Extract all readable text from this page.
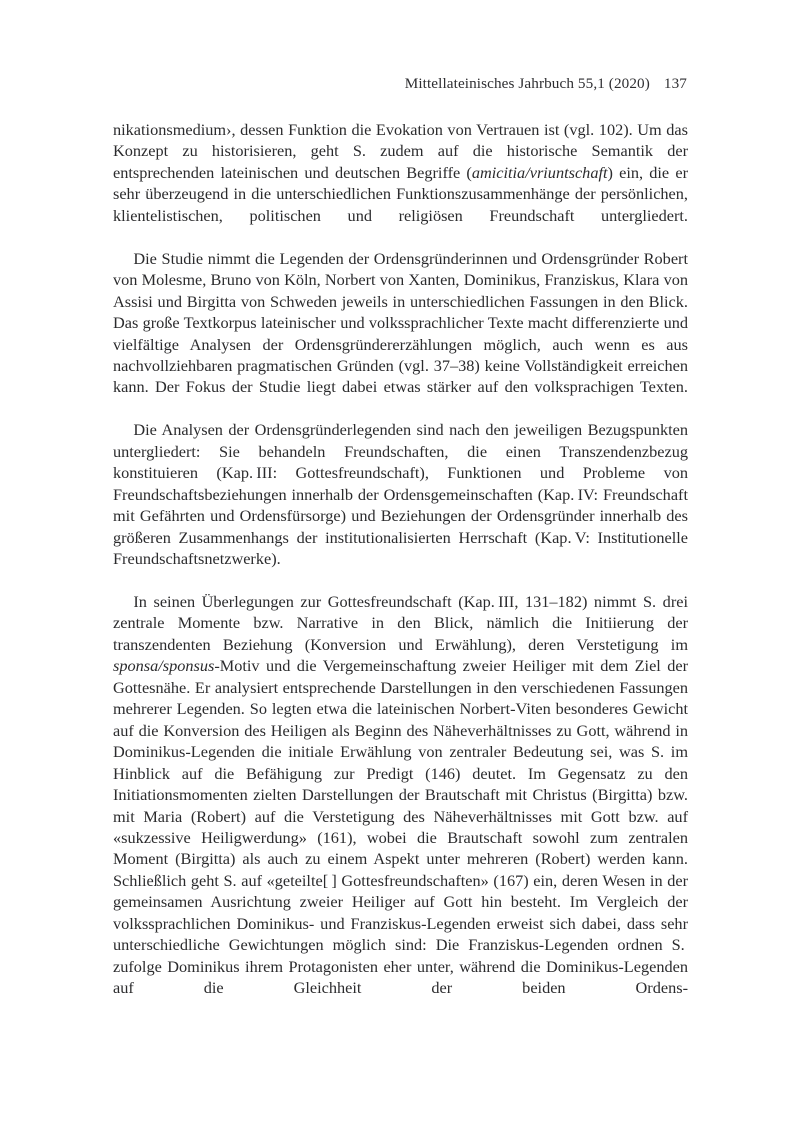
Mittellateinisches Jahrbuch 55,1 (2020) 137

nikationsmedium›, dessen Funktion die Evokation von Vertrauen ist (vgl. 102). Um das Konzept zu historisieren, geht S. zudem auf die historische Semantik der entsprechenden lateinischen und deutschen Begriffe (amicitia/vriuntschaft) ein, die er sehr überzeugend in die unterschiedlichen Funktionszusammenhänge der persönlichen, klientelistischen, politischen und religiösen Freundschaft untergliedert.

Die Studie nimmt die Legenden der Ordensgründerinnen und Ordensgründer Robert von Molesme, Bruno von Köln, Norbert von Xanten, Dominikus, Franziskus, Klara von Assisi und Birgitta von Schweden jeweils in unterschiedlichen Fassungen in den Blick. Das große Textkorpus lateinischer und volkssprachlicher Texte macht differenzierte und vielfältige Analysen der Ordensgründererzählungen möglich, auch wenn es aus nachvollziehbaren pragmatischen Gründen (vgl. 37–38) keine Vollständigkeit erreichen kann. Der Fokus der Studie liegt dabei etwas stärker auf den volksprachigen Texten.

Die Analysen der Ordensgründerlegenden sind nach den jeweiligen Bezugspunkten untergliedert: Sie behandeln Freundschaften, die einen Transzendenzbezug konstituieren (Kap. III: Gottesfreundschaft), Funktionen und Probleme von Freundschaftsbeziehungen innerhalb der Ordensgemeinschaften (Kap. IV: Freundschaft mit Gefährten und Ordensfürsorge) und Beziehungen der Ordensgründer innerhalb des größeren Zusammenhangs der institutionalisierten Herrschaft (Kap. V: Institutionelle Freundschaftsnetzwerke).

In seinen Überlegungen zur Gottesfreundschaft (Kap. III, 131–182) nimmt S. drei zentrale Momente bzw. Narrative in den Blick, nämlich die Initiierung der transzendenten Beziehung (Konversion und Erwählung), deren Verstetigung im sponsa/sponsus-Motiv und die Vergemeinschaftung zweier Heiliger mit dem Ziel der Gottesnähe. Er analysiert entsprechende Darstellungen in den verschiedenen Fassungen mehrerer Legenden. So legten etwa die lateinischen Norbert-Viten besonderes Gewicht auf die Konversion des Heiligen als Beginn des Näheverhältnisses zu Gott, während in Dominikus-Legenden die initiale Erwählung von zentraler Bedeutung sei, was S. im Hinblick auf die Befähigung zur Predigt (146) deutet. Im Gegensatz zu den Initiationsmomenten zielten Darstellungen der Brautschaft mit Christus (Birgitta) bzw. mit Maria (Robert) auf die Verstetigung des Näheverhältnisses mit Gott bzw. auf «sukzessive Heiligwerdung» (161), wobei die Brautschaft sowohl zum zentralen Moment (Birgitta) als auch zu einem Aspekt unter mehreren (Robert) werden kann. Schließlich geht S. auf «geteilte[ ] Gottesfreundschaften» (167) ein, deren Wesen in der gemeinsamen Ausrichtung zweier Heiliger auf Gott hin besteht. Im Vergleich der volkssprachlichen Dominikus- und Franziskus-Legenden erweist sich dabei, dass sehr unterschiedliche Gewichtungen möglich sind: Die Franziskus-Legenden ordnen S. zufolge Dominikus ihrem Protagonisten eher unter, während die Dominikus-Legenden auf die Gleichheit der beiden Ordens-
